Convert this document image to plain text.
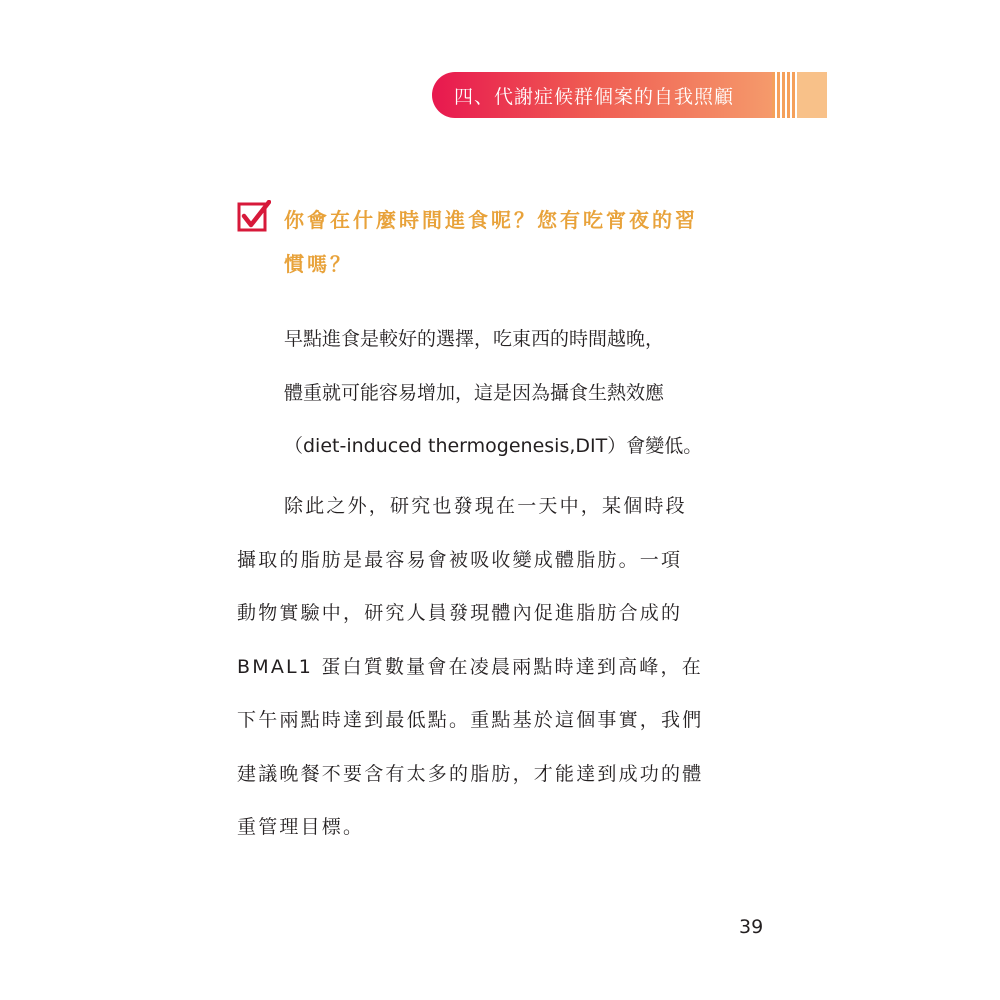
四、代謝症候群個案的自我照顧
你會在什麼時間進食呢？您有吃宵夜的習
慣嗎？
早點進食是較好的選擇，吃東西的時間越晚，
體重就可能容易增加，這是因為攝食生熱效應
（diet-induced thermogenesis,DIT）會變低。
除此之外，研究也發現在一天中，某個時段
攝取的脂肪是最容易會被吸收變成體脂肪。一項
動物實驗中，研究人員發現體內促進脂肪合成的
BMAL1 蛋白質數量會在凌晨兩點時達到高峰，在
下午兩點時達到最低點。重點基於這個事實，我們
建議晚餐不要含有太多的脂肪，才能達到成功的體
重管理目標。
39
